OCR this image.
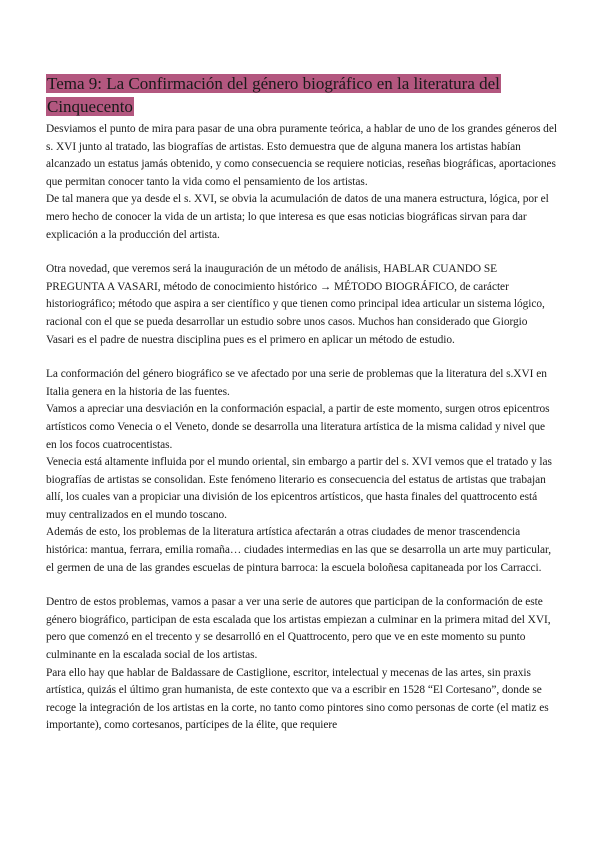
Tema 9: La Confirmación del género biográfico en la literatura del Cinquecento

Desviamos el punto de mira para pasar de una obra puramente teórica, a hablar de uno de los grandes géneros del s. XVI junto al tratado, las biografías de artistas. Esto demuestra que de alguna manera los artistas habían alcanzado un estatus jamás obtenido, y como consecuencia se requiere noticias, reseñas biográficas, aportaciones que permitan conocer tanto la vida como el pensamiento de los artistas.

De tal manera que ya desde el s. XVI, se obvia la acumulación de datos de una manera estructura, lógica, por el mero hecho de conocer la vida de un artista; lo que interesa es que esas noticias biográficas sirvan para dar explicación a la producción del artista.

Otra novedad, que veremos será la inauguración de un método de análisis, HABLAR CUANDO SE PREGUNTA A VASARI, método de conocimiento histórico → MÉTODO BIOGRÁFICO, de carácter historiográfico; método que aspira a ser científico y que tienen como principal idea articular un sistema lógico, racional con el que se pueda desarrollar un estudio sobre unos casos. Muchos han considerado que Giorgio Vasari es el padre de nuestra disciplina pues es el primero en aplicar un método de estudio.

La conformación del género biográfico se ve afectado por una serie de problemas que la literatura del s.XVI en Italia genera en la historia de las fuentes.

Vamos a apreciar una desviación en la conformación espacial, a partir de este momento, surgen otros epicentros artísticos como Venecia o el Veneto, donde se desarrolla una literatura artística de la misma calidad y nivel que en los focos cuatrocentistas.

Venecia está altamente influida por el mundo oriental, sin embargo a partir del s. XVI vemos que el tratado y las biografías de artistas se consolidan. Este fenómeno literario es consecuencia del estatus de artistas que trabajan allí, los cuales van a propiciar una división de los epicentros artísticos, que hasta finales del quattrocento está muy centralizados en el mundo toscano.

Además de esto, los problemas de la literatura artística afectarán a otras ciudades de menor trascendencia histórica: mantua, ferrara, emilia romaña… ciudades intermedias en las que se desarrolla un arte muy particular, el germen de una de las grandes escuelas de pintura barroca: la escuela boloñesa capitaneada por los Carracci.

Dentro de estos problemas, vamos a pasar a ver una serie de autores que participan de la conformación de este género biográfico, participan de esta escalada que los artistas empiezan a culminar en la primera mitad del XVI, pero que comenzó en el trecento y se desarrolló en el Quattrocento, pero que ve en este momento su punto culminante en la escalada social de los artistas.

Para ello hay que hablar de Baldassare de Castiglione, escritor, intelectual y mecenas de las artes, sin praxis artística, quizás el último gran humanista, de este contexto que va a escribir en 1528 “El Cortesano”, donde se recoge la integración de los artistas en la corte, no tanto como pintores sino como personas de corte (el matiz es importante), como cortesanos, partícipes de la élite, que requiere
